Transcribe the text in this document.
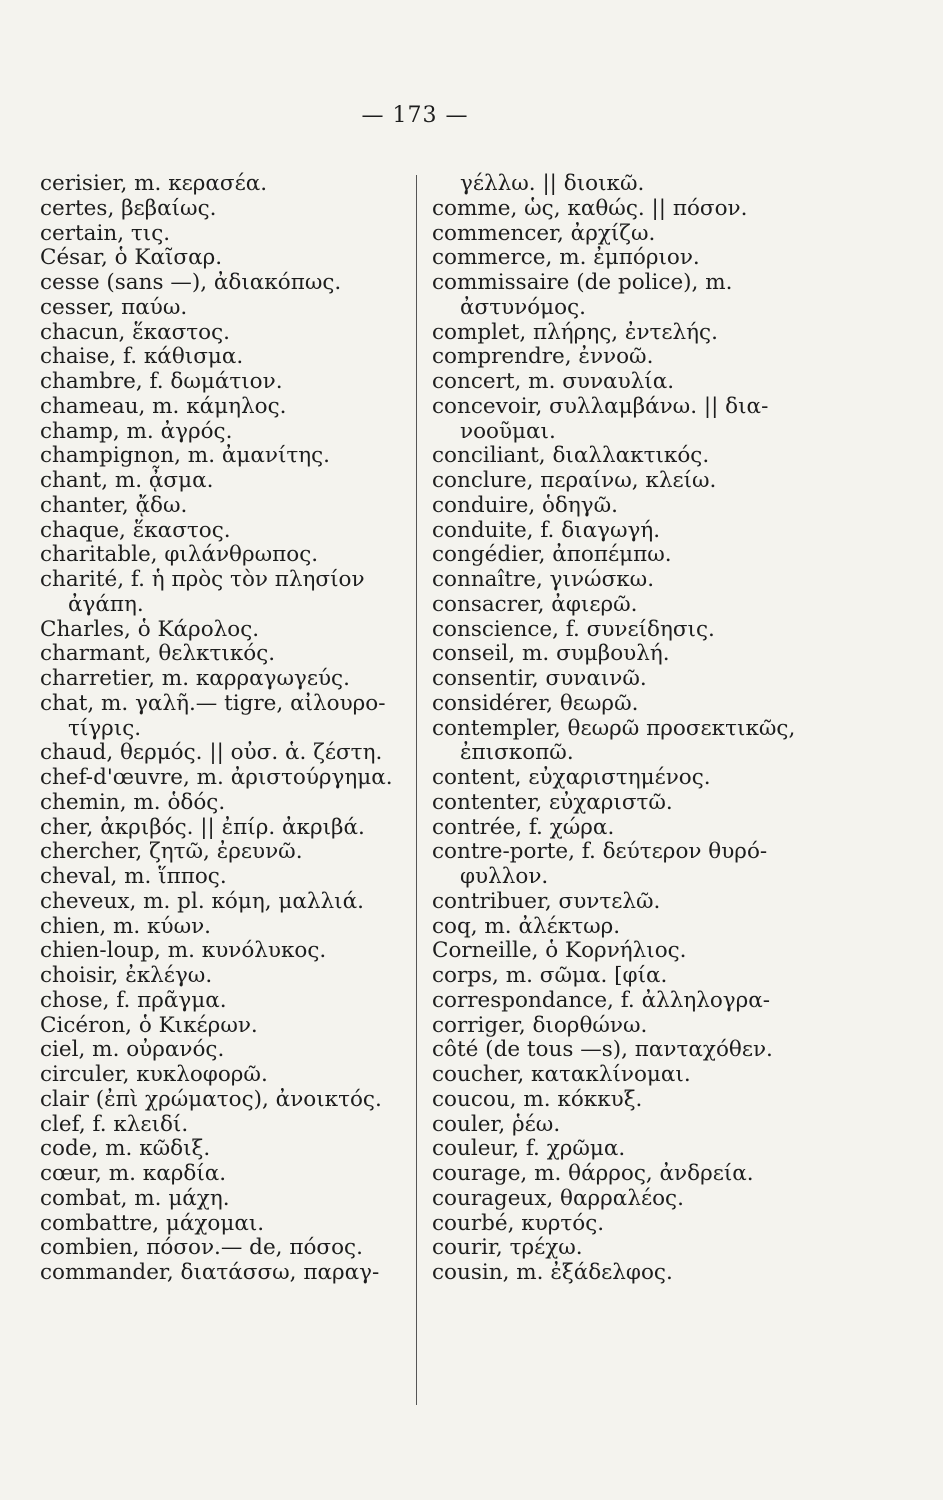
— 173 —
cerisier, m. κερασέα.
certes, βεβαίως.
certain, τις.
César, ὁ Καῖσαρ.
cesse (sans —), ἀδιακόπως.
cesser, παύω.
chacun, ἕκαστος.
chaise, f. κάθισμα.
chambre, f. δωμάτιον.
chameau, m. κάμηλος.
champ, m. ἀγρός.
champignon, m. ἀμανίτης.
chant, m. ᾆσμα.
chanter, ᾄδω.
chaque, ἕκαστος.
charitable, φιλάνθρωπος.
charité, f. ἡ πρὸς τὸν πλησίον
ἀγάπη.
Charles, ὁ Κάρολος.
charmant, θελκτικός.
charretier, m. καρραγωγεύς.
chat, m. γαλῆ.— tigre, αἰλουρο-
τίγρις.
chaud, θερμός. || οὐσ. ἁ. ζέστη.
chef-d'œuvre, m. ἀριστούργημα.
chemin, m. ὁδός.
cher, ἀκριβός. || ἐπίρ. ἀκριβά.
chercher, ζητῶ, ἐρευνῶ.
cheval, m. ἵππος.
cheveux, m. pl. κόμη, μαλλιά.
chien, m. κύων.
chien-loup, m. κυνόλυκος.
choisir, ἐκλέγω.
chose, f. πρᾶγμα.
Cicéron, ὁ Κικέρων.
ciel, m. οὐρανός.
circuler, κυκλοφορῶ.
clair (ἐπὶ χρώματος), ἀνοικτός.
clef, f. κλειδί.
code, m. κῶδιξ.
cœur, m. καρδία.
combat, m. μάχη.
combattre, μάχομαι.
combien, πόσον.— de, πόσος.
commander, διατάσσω, παραγ-
γέλλω. || διοικῶ.
comme, ὡς, καθώς. || πόσον.
commencer, ἀρχίζω.
commerce, m. ἐμπόριον.
commissaire (de police), m.
ἀστυνόμος.
complet, πλήρης, ἐντελής.
comprendre, ἐννοῶ.
concert, m. συναυλία.
concevoir, συλλαμβάνω. || δια-
νοοῦμαι.
conciliant, διαλλακτικός.
conclure, περαίνω, κλείω.
conduire, ὁδηγῶ.
conduite, f. διαγωγή.
congédier, ἀποπέμπω.
connaître, γινώσκω.
consacrer, ἀφιερῶ.
conscience, f. συνείδησις.
conseil, m. συμβουλή.
consentir, συναινῶ.
considérer, θεωρῶ.
contempler, θεωρῶ προσεκτικῶς,
ἐπισκοπῶ.
content, εὐχαριστημένος.
contenter, εὐχαριστῶ.
contrée, f. χώρα.
contre-porte, f. δεύτερον θυρό-
φυλλον.
contribuer, συντελῶ.
coq, m. ἀλέκτωρ.
Corneille, ὁ Κορνήλιος.
corps, m. σῶμα. [φία.
correspondance, f. ἀλληλογρα-
corriger, διορθώνω.
côté (de tous —s), πανταχόθεν.
coucher, κατακλίνομαι.
coucou, m. κόκκυξ.
couler, ῥέω.
couleur, f. χρῶμα.
courage, m. θάρρος, ἀνδρεία.
courageux, θαρραλέος.
courbé, κυρτός.
courir, τρέχω.
cousin, m. ἐξάδελφος.
